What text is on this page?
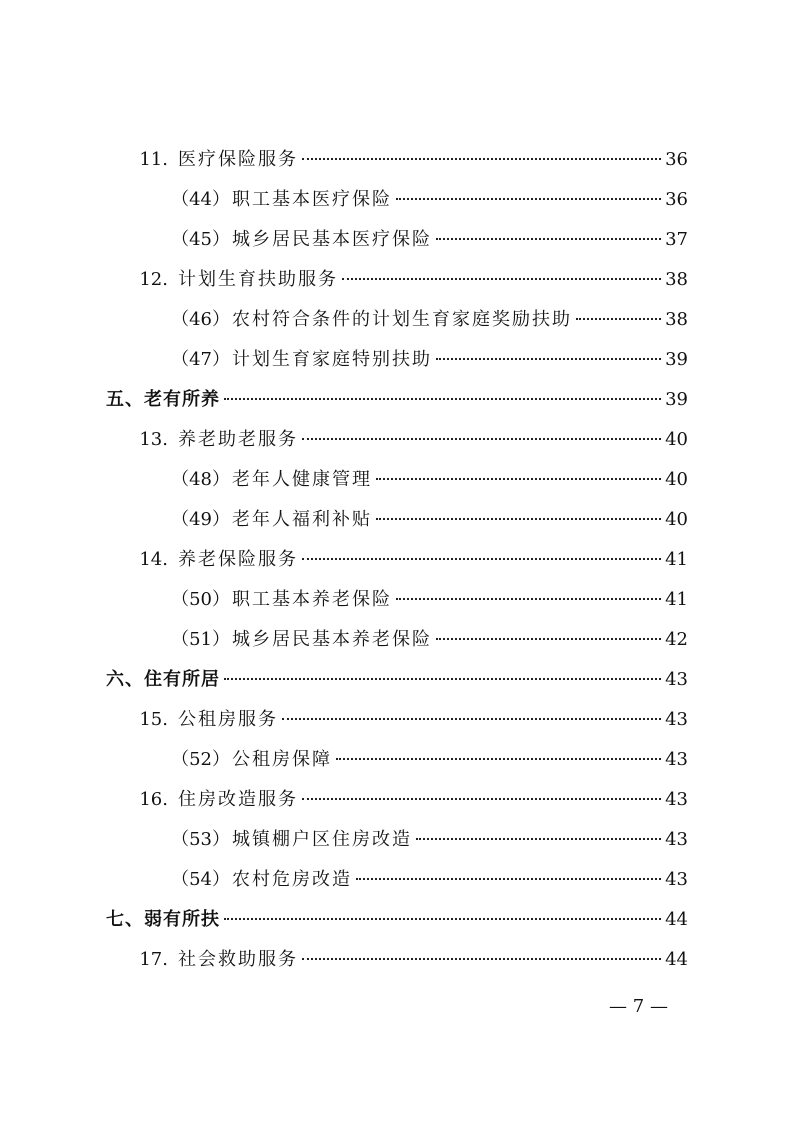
11. 医疗保险服务	36
（44） 职工基本医疗保险	36
（45） 城乡居民基本医疗保险	37
12. 计划生育扶助服务	38
（46） 农村符合条件的计划生育家庭奖励扶助	38
（47） 计划生育家庭特别扶助	39
五、老有所养	39
13. 养老助老服务	40
（48） 老年人健康管理	40
（49） 老年人福利补贴	40
14. 养老保险服务	41
（50） 职工基本养老保险	41
（51） 城乡居民基本养老保险	42
六、住有所居	43
15. 公租房服务	43
（52） 公租房保障	43
16. 住房改造服务	43
（53） 城镇棚户区住房改造	43
（54） 农村危房改造	43
七、弱有所扶	44
17. 社会救助服务	44
— 7 —
